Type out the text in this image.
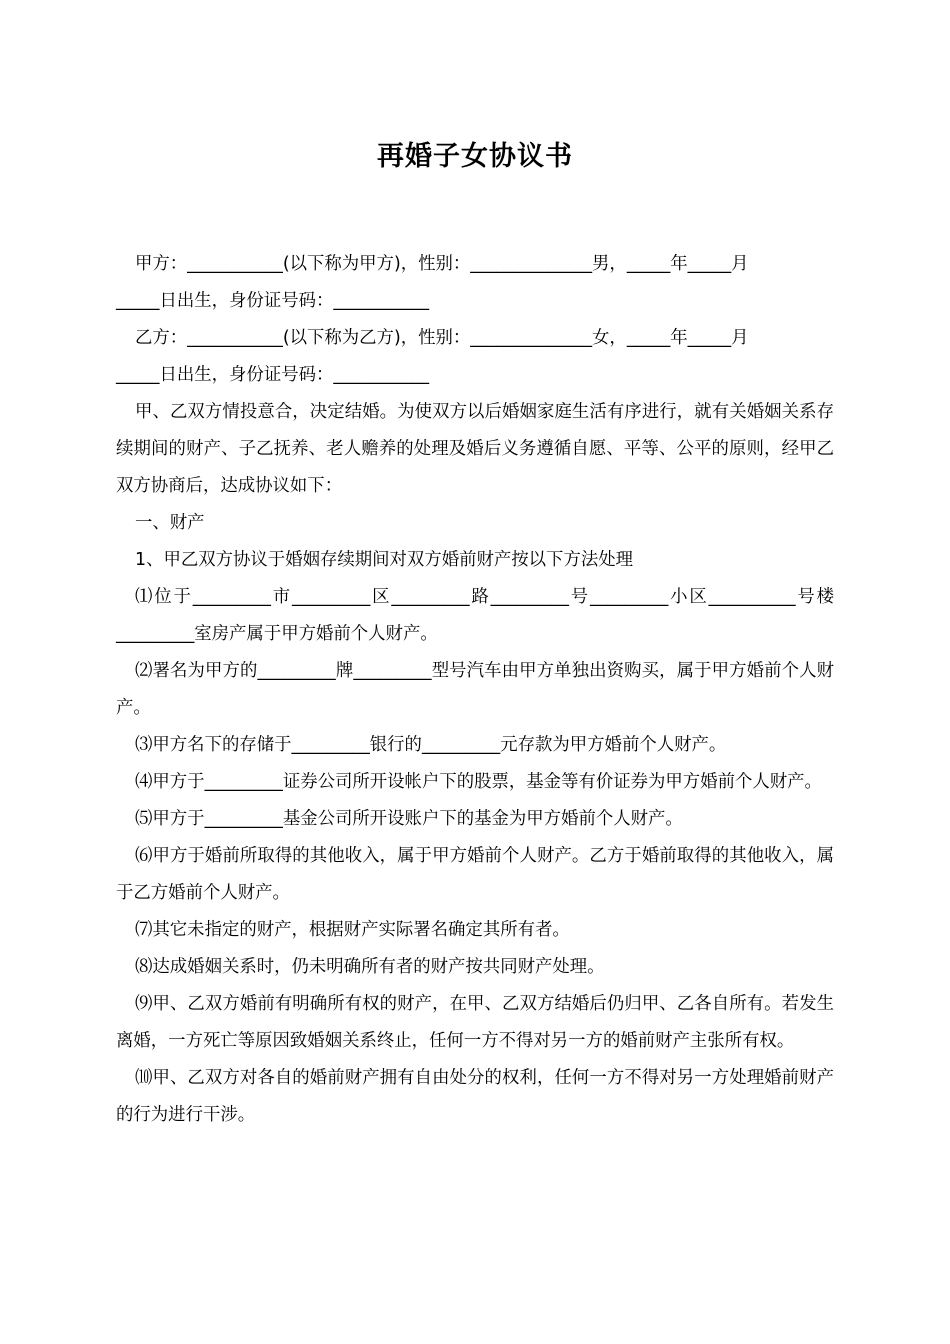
再婚子女协议书

甲方：___________(以下称为甲方)，性别：______________男，_____年_____月

_____日出生，身份证号码：___________

乙方：___________(以下称为乙方)，性别：______________女，_____年_____月

_____日出生，身份证号码：___________

甲、乙双方情投意合，决定结婚。为使双方以后婚姻家庭生活有序进行，就有关婚姻关系存续期间的财产、子乙抚养、老人赡养的处理及婚后义务遵循自愿、平等、公平的原则，经甲乙双方协商后，达成协议如下：

一、财产

1、甲乙双方协议于婚姻存续期间对双方婚前财产按以下方法处理

⑴位于_________市_________区_________路_________号_________小区__________号楼_________室房产属于甲方婚前个人财产。

⑵署名为甲方的_________牌_________型号汽车由甲方单独出资购买，属于甲方婚前个人财产。

⑶甲方名下的存储于_________银行的_________元存款为甲方婚前个人财产。

⑷甲方于_________证券公司所开设帐户下的股票，基金等有价证券为甲方婚前个人财产。

⑸甲方于_________基金公司所开设账户下的基金为甲方婚前个人财产。

⑹甲方于婚前所取得的其他收入，属于甲方婚前个人财产。乙方于婚前取得的其他收入，属于乙方婚前个人财产。

⑺其它未指定的财产，根据财产实际署名确定其所有者。

⑻达成婚姻关系时，仍未明确所有者的财产按共同财产处理。

⑼甲、乙双方婚前有明确所有权的财产，在甲、乙双方结婚后仍归甲、乙各自所有。若发生离婚，一方死亡等原因致婚姻关系终止，任何一方不得对另一方的婚前财产主张所有权。

⑽甲、乙双方对各自的婚前财产拥有自由处分的权利，任何一方不得对另一方处理婚前财产的行为进行干涉。
